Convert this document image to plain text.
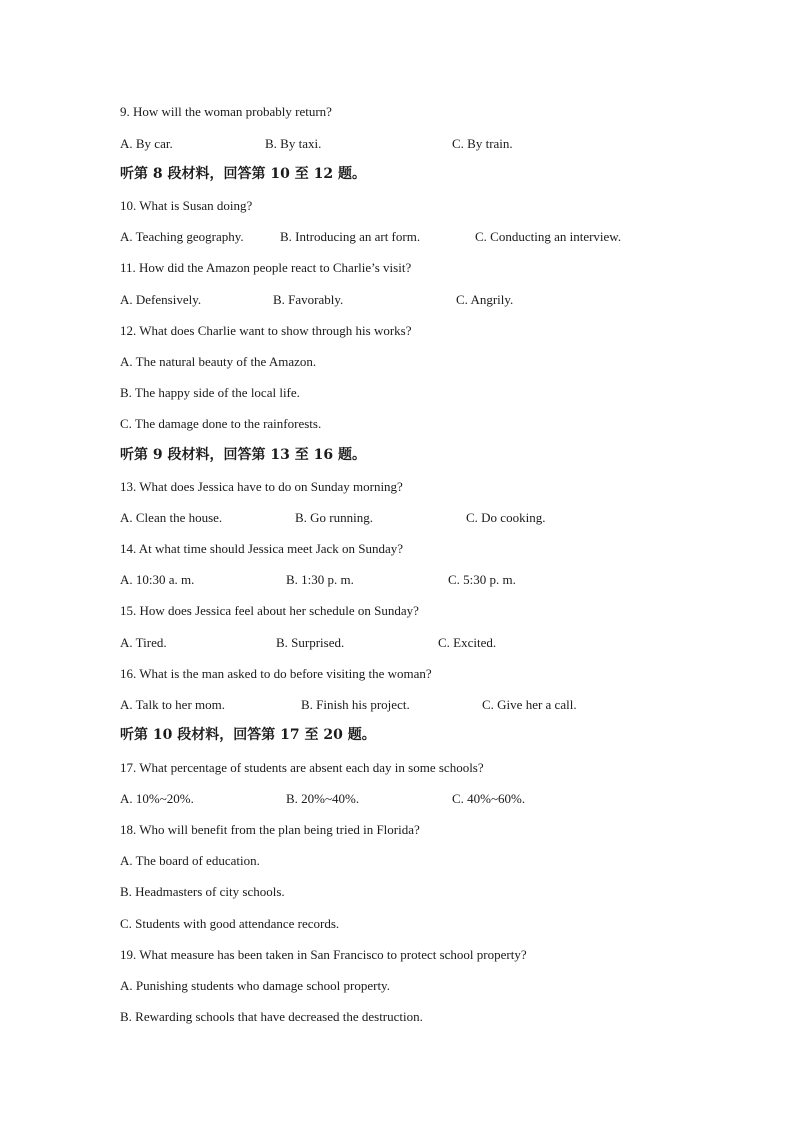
9. How will the woman probably return?
A. By car.	B. By taxi.	C. By train.
听第 8 段材料，回答第 10 至 12 题。
10. What is Susan doing?
A. Teaching geography.	B. Introducing an art form.	C. Conducting an interview.
11. How did the Amazon people react to Charlie’s visit?
A. Defensively.	B. Favorably.	C. Angrily.
12. What does Charlie want to show through his works?
A. The natural beauty of the Amazon.
B. The happy side of the local life.
C. The damage done to the rainforests.
听第 9 段材料，回答第 13 至 16 题。
13. What does Jessica have to do on Sunday morning?
A. Clean the house.	B. Go running.	C. Do cooking.
14. At what time should Jessica meet Jack on Sunday?
A. 10:30 a. m.	B. 1:30 p. m.	C. 5:30 p. m.
15. How does Jessica feel about her schedule on Sunday?
A. Tired.	B. Surprised.	C. Excited.
16. What is the man asked to do before visiting the woman?
A. Talk to her mom.	B. Finish his project.	C. Give her a call.
听第 10 段材料，回答第 17 至 20 题。
17. What percentage of students are absent each day in some schools?
A. 10%~20%.	B. 20%~40%.	C. 40%~60%.
18. Who will benefit from the plan being tried in Florida?
A. The board of education.
B. Headmasters of city schools.
C. Students with good attendance records.
19. What measure has been taken in San Francisco to protect school property?
A. Punishing students who damage school property.
B. Rewarding schools that have decreased the destruction.
